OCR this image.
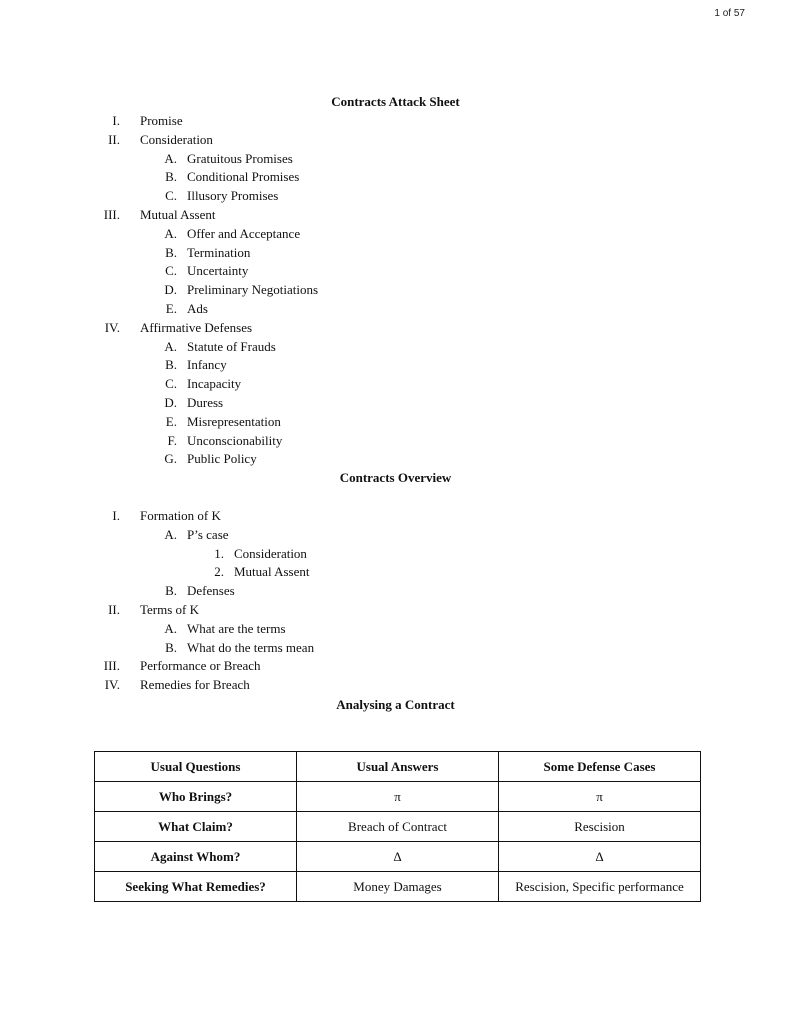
1 of 57
Contracts Attack Sheet
I. Promise
II. Consideration
A. Gratuitous Promises
B. Conditional Promises
C. Illusory Promises
III. Mutual Assent
A. Offer and Acceptance
B. Termination
C. Uncertainty
D. Preliminary Negotiations
E. Ads
IV. Affirmative Defenses
A. Statute of Frauds
B. Infancy
C. Incapacity
D. Duress
E. Misrepresentation
F. Unconscionability
G. Public Policy
Contracts Overview
I. Formation of K
A. P’s case
1. Consideration
2. Mutual Assent
B. Defenses
II. Terms of K
A. What are the terms
B. What do the terms mean
III. Performance or Breach
IV. Remedies for Breach
Analysing a Contract
Usual Questions	Usual Answers	Some Defense Cases
Who Brings?	π	π
What Claim?	Breach of Contract	Rescision
Against Whom?	Δ	Δ
Seeking What Remedies?	Money Damages	Rescision, Specific performance
